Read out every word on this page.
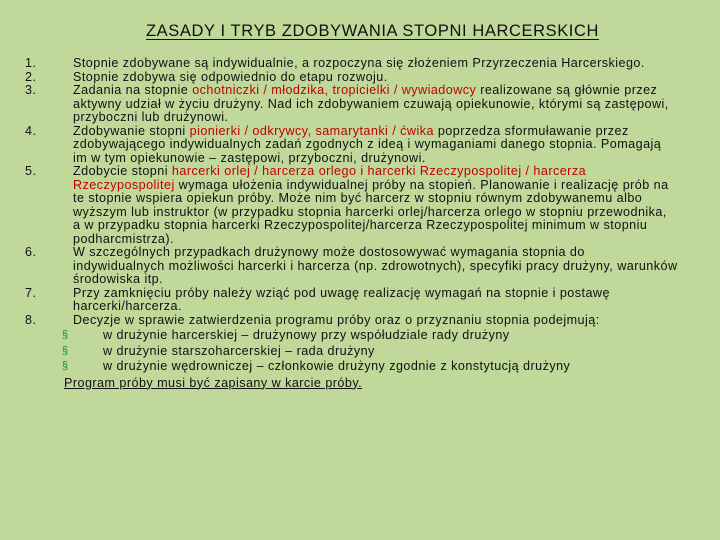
ZASADY I TRYB ZDOBYWANIA STOPNI HARCERSKICH
1.	Stopnie zdobywane są indywidualnie, a rozpoczyna się złożeniem Przyrzeczenia Harcerskiego.
2.	Stopnie zdobywa się odpowiednio do etapu rozwoju.
3.	Zadania na stopnie ochotniczki / młodzika, tropicielki / wywiadowcy realizowane są głównie przez aktywny udział w życiu drużyny. Nad ich zdobywaniem czuwają opiekunowie, którymi są zastępowi, przyboczni lub drużynowi.
4.	Zdobywanie stopni pionierki / odkrywcy, samarytanki / ćwika poprzedza sformuławanie przez zdobywającego indywidualnych zadań zgodnych z ideą i wymaganiami danego stopnia. Pomagają im w tym opiekunowie – zastępowi, przyboczni, drużynowi.
5.	Zdobycie stopni harcerki orlej / harcerza orlego i harcerki Rzeczypospolitej / harcerza Rzeczypospolitej wymaga ułożenia indywidualnej próby na stopień. Planowanie i realizację prób na te stopnie wspiera opiekun próby. Może nim być harcerz w stopniu równym zdobywanemu albo wyższym lub instruktor (w przypadku stopnia harcerki orlej/harcerza orlego w stopniu przewodnika, a w przypadku stopnia harcerki Rzeczypospolitej/harcerza Rzeczypospolitej minimum w stopniu podharcmistrza).
6.	W szczególnych przypadkach drużynowy może dostosowywać wymagania stopnia do indywidualnych możliwości harcerki i harcerza (np. zdrowotnych), specyfiki pracy drużyny, warunków środowiska itp.
7.	Przy zamknięciu próby należy wziąć pod uwagę realizację wymagań na stopnie i postawę harcerki/harcerza.
8.	Decyzje w sprawie zatwierdzenia programu próby oraz o przyznaniu stopnia podejmują:
§	w drużynie harcerskiej – drużynowy przy współudziale rady drużyny
§	w drużynie starszoharcerskiej – rada drużyny
§	w drużynie wędrowniczej – członkowie drużyny zgodnie z konstytucją drużyny
Program próby musi być zapisany w karcie próby.
